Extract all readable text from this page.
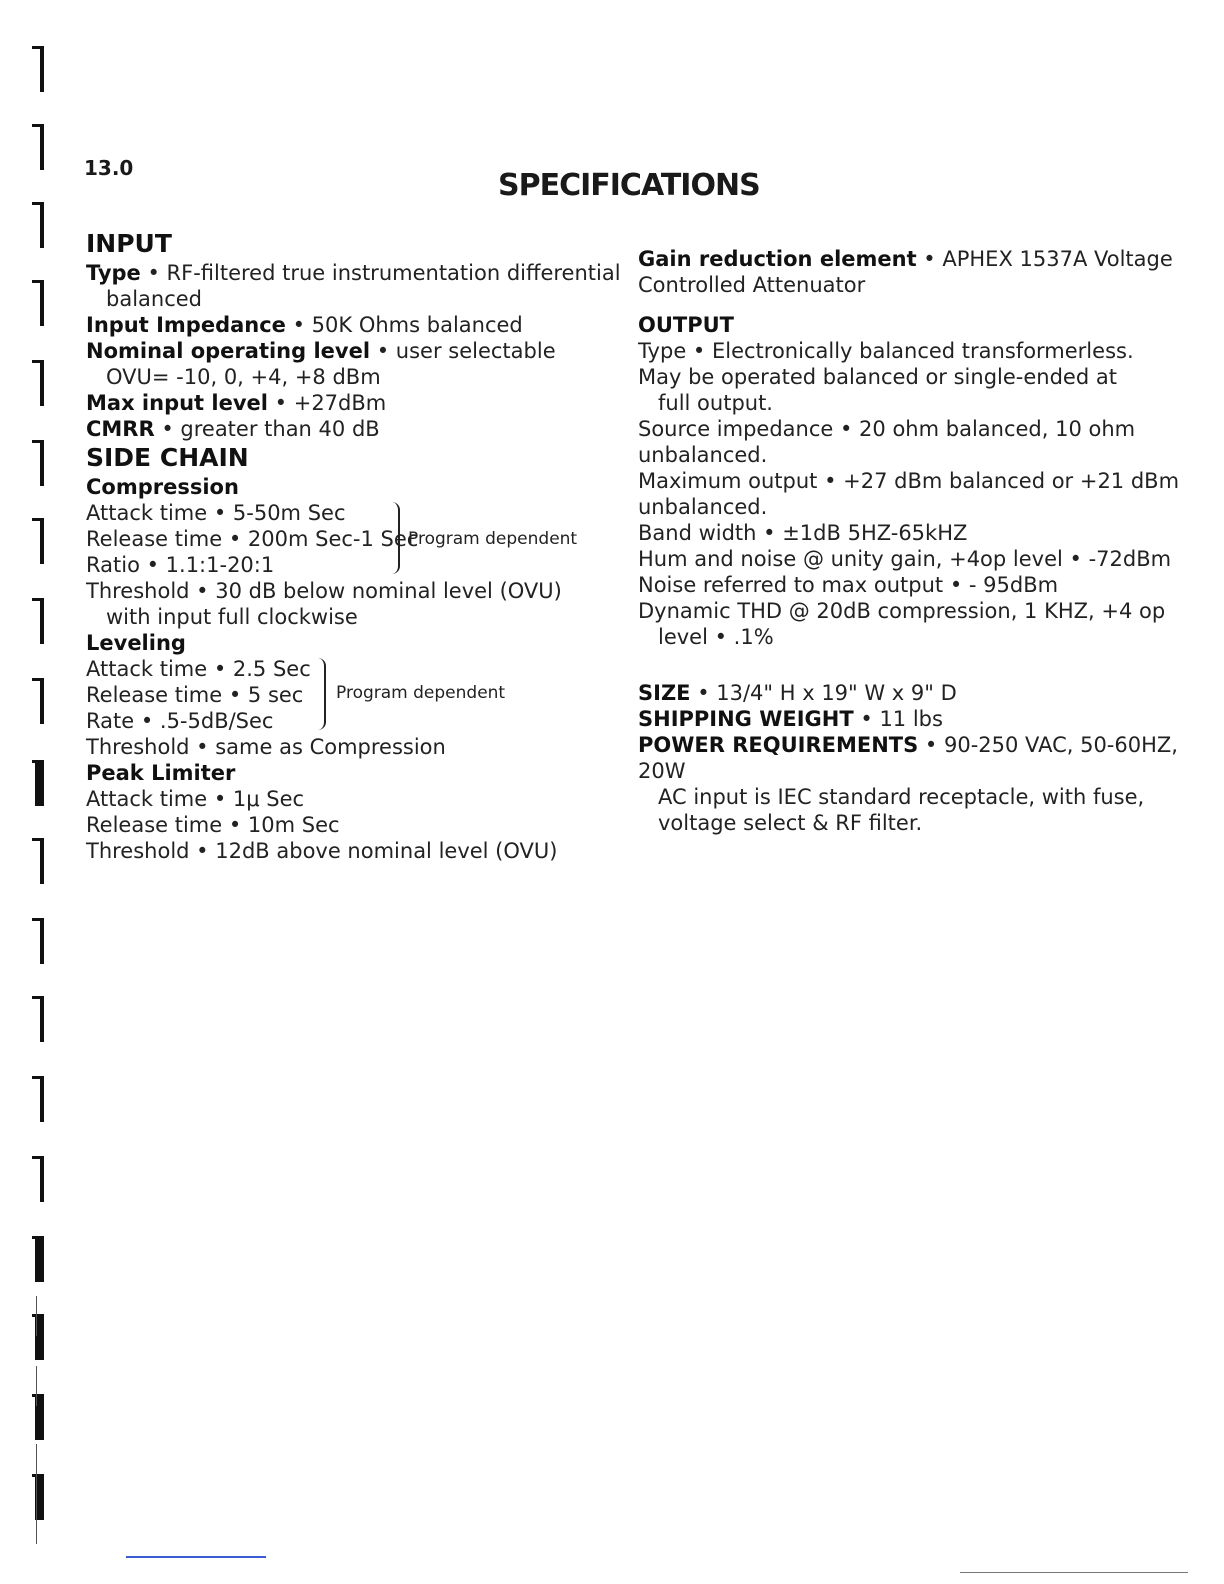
13.0	SPECIFICATIONS
INPUT
Type • RF-filtered true instrumentation differential
balanced
Input Impedance • 50K Ohms balanced
Nominal operating level • user selectable
OVU= -10, 0, +4, +8 dBm
Max input level • +27dBm
CMRR • greater than 40 dB
SIDE CHAIN
Compression
Attack time • 5-50m Sec
Release time • 200m Sec-1 Sec
Ratio • 1.1:1-20:1
Program dependent
Threshold • 30 dB below nominal level (OVU)
with input full clockwise
Leveling
Attack time • 2.5 Sec
Release time • 5 sec
Rate • .5-5dB/Sec
Program dependent
Threshold • same as Compression
Peak Limiter
Attack time • 1μ Sec
Release time • 10m Sec
Threshold • 12dB above nominal level (OVU)
Gain reduction element • APHEX 1537A Voltage
Controlled Attenuator
OUTPUT
Type • Electronically balanced transformerless.
May be operated balanced or single-ended at
full output.
Source impedance • 20 ohm balanced, 10 ohm
unbalanced.
Maximum output • +27 dBm balanced or +21 dBm
unbalanced.
Band width • ±1dB 5HZ-65kHZ
Hum and noise @ unity gain, +4op level • -72dBm
Noise referred to max output • - 95dBm
Dynamic THD @ 20dB compression, 1 KHZ, +4 op
level • .1%
SIZE • 13/4" H x 19" W x 9" D
SHIPPING WEIGHT • 11 lbs
POWER REQUIREMENTS • 90-250 VAC, 50-60HZ,
20W
AC input is IEC standard receptacle, with fuse,
voltage select & RF filter.
